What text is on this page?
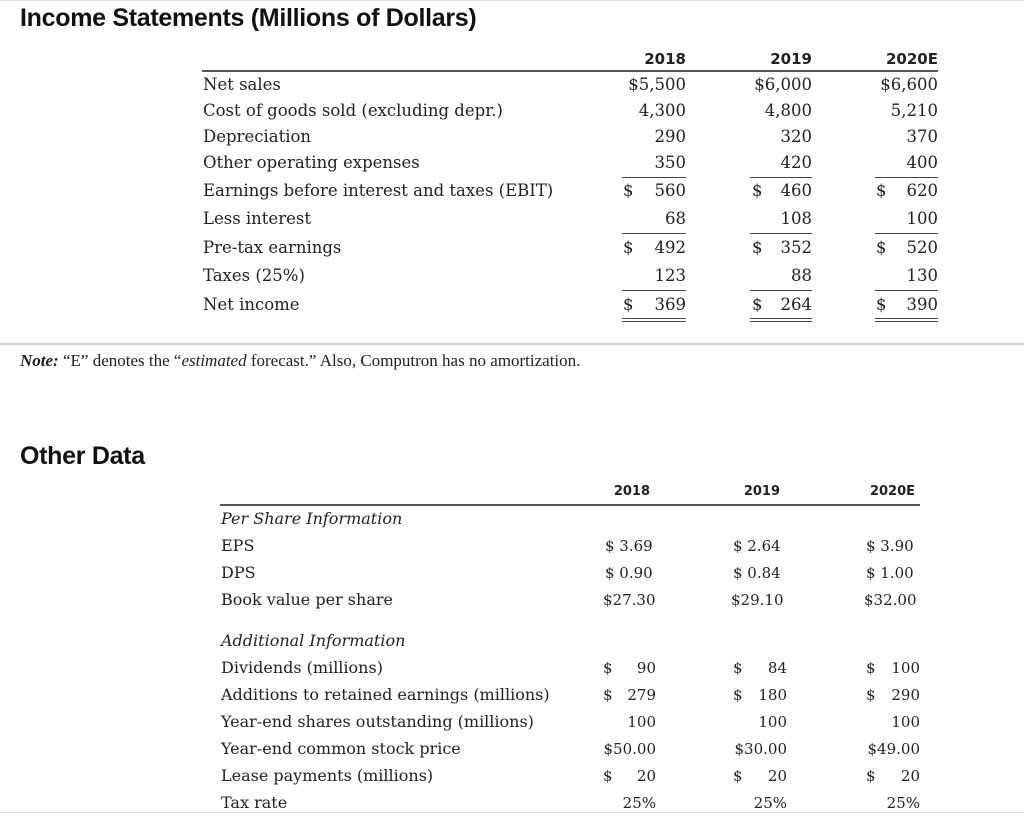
Income Statements (Millions of Dollars)
2018	2019	2020E
Net sales	$5,500	$6,000	$6,600
Cost of goods sold (excluding depr.)	4,300	4,800	5,210
Depreciation	290	320	370
Other operating expenses	350	420	400
Earnings before interest and taxes (EBIT)	$	560	$	460	$	620
Less interest	68	108	100
Pre-tax earnings	$	492	$	352	$	520
Taxes (25%)	123	88	130
Net income	$	369	$	264	$	390
Note: “E” denotes the “estimated forecast.” Also, Computron has no amortization.
Other Data
2018	2019	2020E
Per Share Information
EPS	$ 3.69	$ 2.64	$ 3.90
DPS	$ 0.90	$ 0.84	$ 1.00
Book value per share	$27.30	$29.10	$32.00
Additional Information
Dividends (millions)	$	90	$	84	$	100
Additions to retained earnings (millions)	$ 279	$	180	$	290
Year-end shares outstanding (millions)	100	100	100
Year-end common stock price	$50.00	$30.00	$49.00
Lease payments (millions)	$	20	$	20	$	20
Tax rate	25%	25%	25%
